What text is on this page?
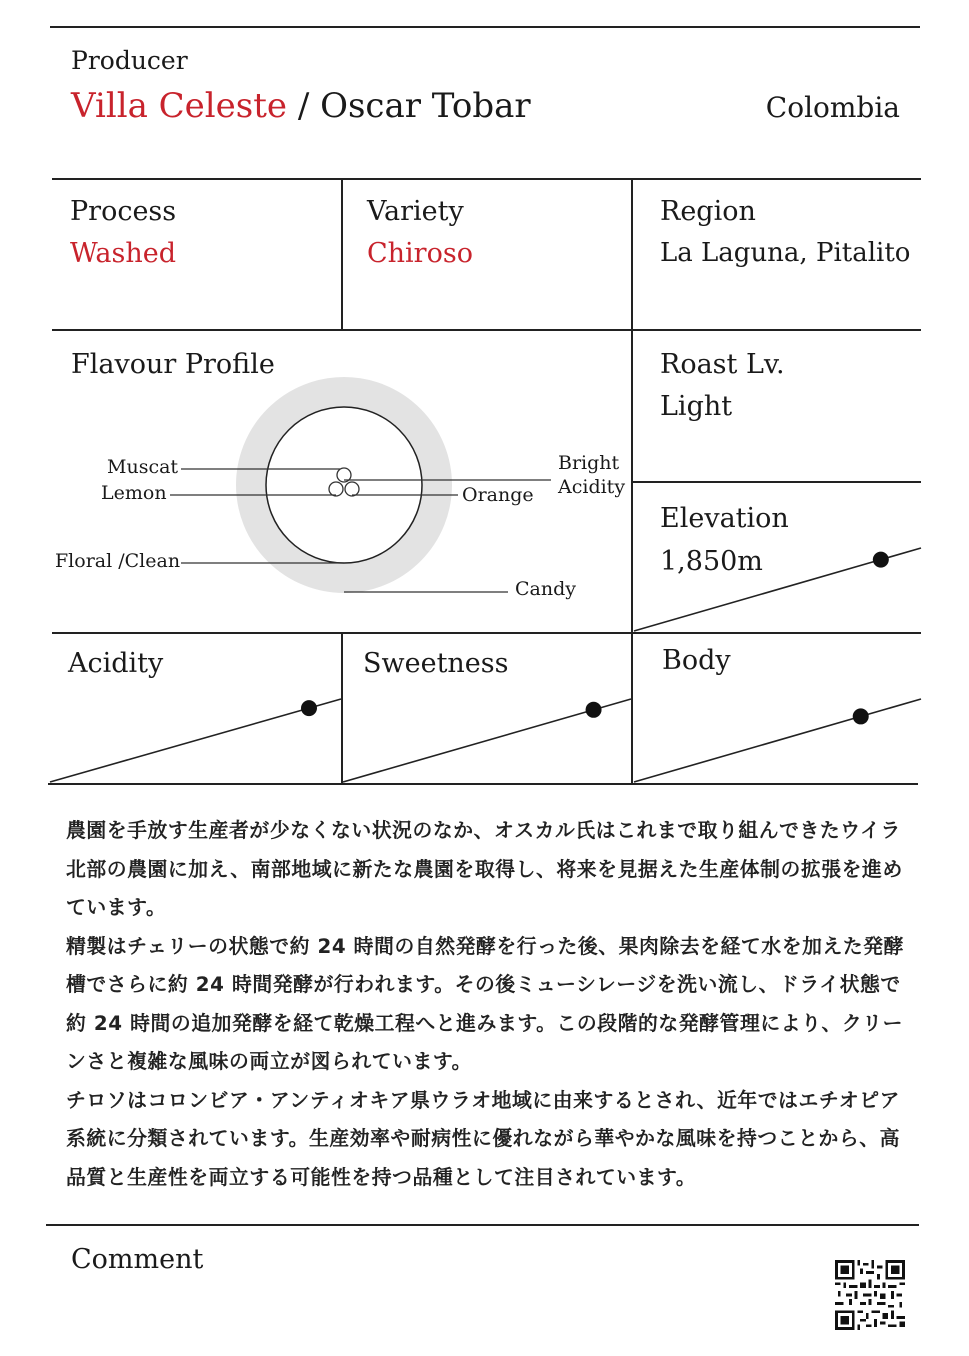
Producer
Villa Celeste / Oscar Tobar	Colombia
Process
Washed
Variety
Chiroso
Region
La Laguna, Pitalito
Flavour Profile
Muscat
Lemon
Floral /Clean
Orange
Bright
Acidity
Candy
Roast Lv.
Light
Elevation
1,850m
Acidity	Sweetness	Body

農園を手放す生産者が少なくない状況のなか、オスカル氏はこれまで取り組んできたウイラ北部の農園に加え、南部地域に新たな農園を取得し、将来を見据えた生産体制の拡張を進めています。

精製はチェリーの状態で約 24 時間の自然発酵を行った後、果肉除去を経て水を加えた発酵槽でさらに約 24 時間発酵が行われます。その後ミューシレージを洗い流し、ドライ状態で約 24 時間の追加発酵を経て乾燥工程へと進みます。この段階的な発酵管理により、クリーンさと複雑な風味の両立が図られています。

チロソはコロンビア・アンティオキア県ウラオ地域に由来するとされ、近年ではエチオピア系統に分類されています。生産効率や耐病性に優れながら華やかな風味を持つことから、高品質と生産性を両立する可能性を持つ品種として注目されています。

Comment
